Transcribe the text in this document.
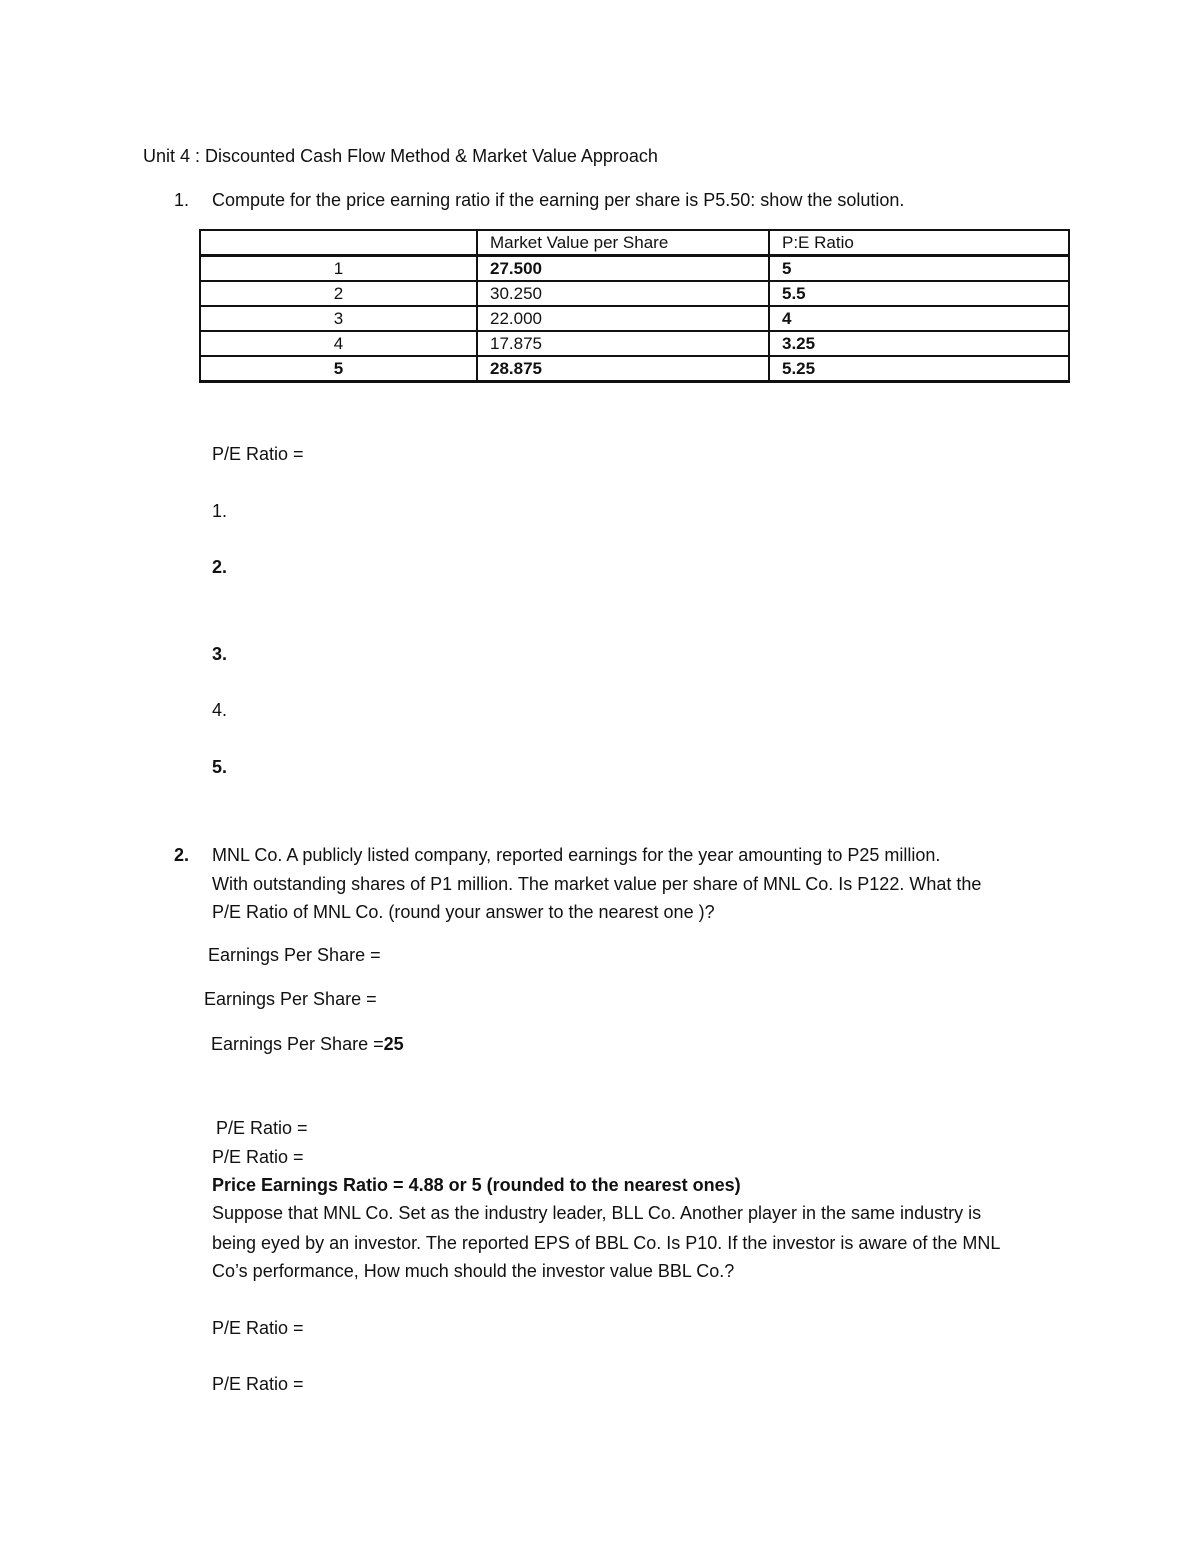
Unit 4 : Discounted Cash Flow Method & Market Value Approach
1. Compute for the price earning ratio if the earning per share is P5.50: show the solution.
	Market Value per Share	P:E Ratio
1	27.500	5
2	30.250	5.5
3	22.000	4
4	17.875	3.25
5	28.875	5.25
P/E Ratio =
1.
2.
3.
4.
5.
2. MNL Co. A publicly listed company, reported earnings for the year amounting to P25 million.
With outstanding shares of P1 million. The market value per share of MNL Co. Is P122. What the
P/E Ratio of MNL Co. (round your answer to the nearest one )?
Earnings Per Share =
Earnings Per Share =
Earnings Per Share =25
P/E Ratio =
P/E Ratio =
Price Earnings Ratio = 4.88 or 5 (rounded to the nearest ones)
Suppose that MNL Co. Set as the industry leader, BLL Co. Another player in the same industry is
being eyed by an investor. The reported EPS of BBL Co. Is P10. If the investor is aware of the MNL
Co’s performance, How much should the investor value BBL Co.?
P/E Ratio =
P/E Ratio =
